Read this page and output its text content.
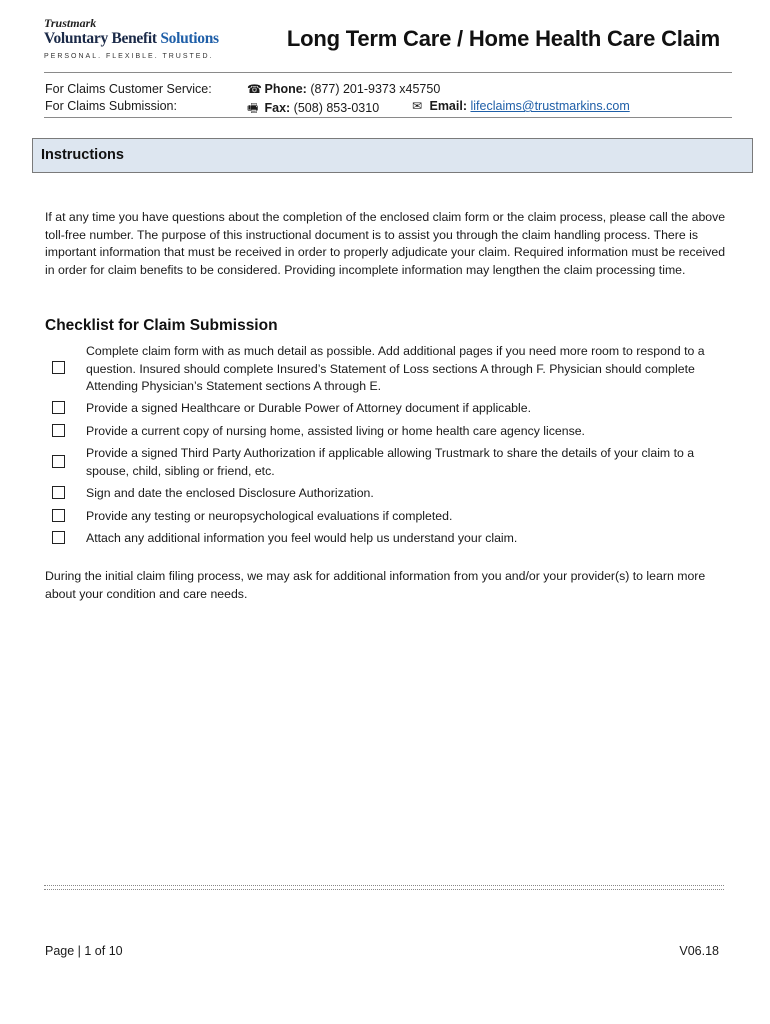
Trustmark
Voluntary Benefit Solutions
PERSONAL. FLEXIBLE. TRUSTED.
Long Term Care / Home Health Care Claim
For Claims Customer Service:
For Claims Submission:
☎ Phone: (877) 201-9373 x45750
🖷 Fax: (508) 853-0310	✉ Email: lifeclaims@trustmarkins.com
Instructions
If at any time you have questions about the completion of the enclosed claim form or the claim process, please call the above toll-free number. The purpose of this instructional document is to assist you through the claim handling process. There is important information that must be received in order to properly adjudicate your claim. Required information must be received in order for claim benefits to be considered. Providing incomplete information may lengthen the claim processing time.
Checklist for Claim Submission
Complete claim form with as much detail as possible. Add additional pages if you need more room to respond to a question. Insured should complete Insured’s Statement of Loss sections A through F. Physician should complete Attending Physician’s Statement sections A through E.
Provide a signed Healthcare or Durable Power of Attorney document if applicable.
Provide a current copy of nursing home, assisted living or home health care agency license.
Provide a signed Third Party Authorization if applicable allowing Trustmark to share the details of your claim to a spouse, child, sibling or friend, etc.
Sign and date the enclosed Disclosure Authorization.
Provide any testing or neuropsychological evaluations if completed.
Attach any additional information you feel would help us understand your claim.
During the initial claim filing process, we may ask for additional information from you and/or your provider(s) to learn more about your condition and care needs.
Page | 1 of 10	V06.18
